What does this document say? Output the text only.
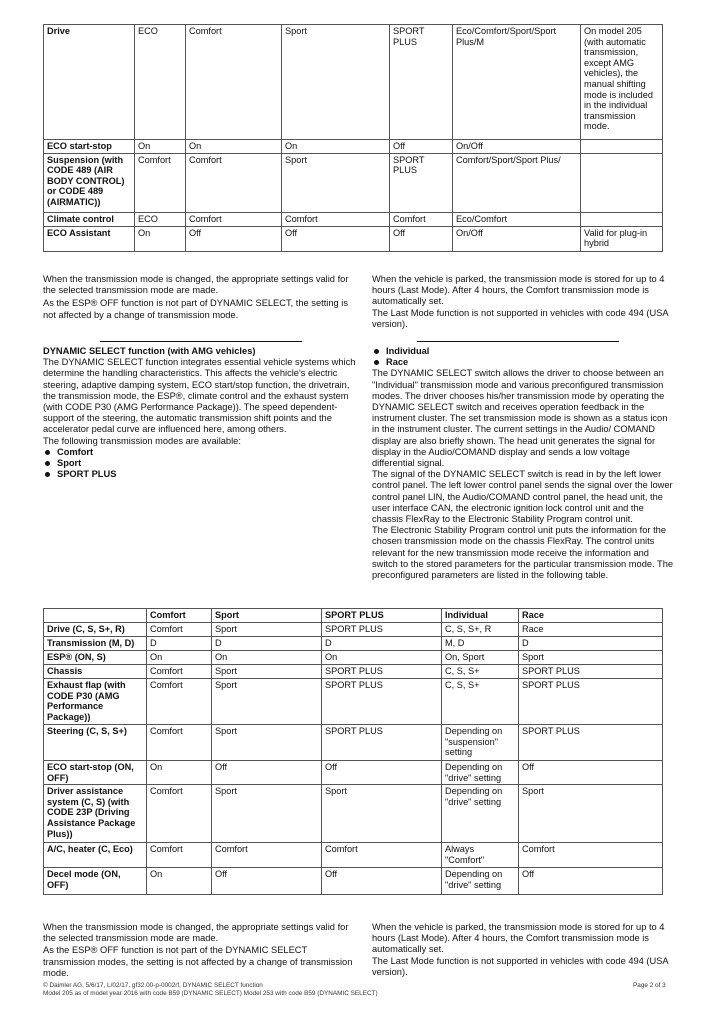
Drive	ECO	Comfort	Sport	SPORT PLUS	Eco/Comfort/Sport/Sport Plus/M	On model 205 (with automatic transmission, except AMG vehicles), the manual shifting mode is included in the individual transmission mode.
ECO start-stop	On	On	On	Off	On/Off	
Suspension (with CODE 489 (AIR BODY CONTROL) or CODE 489 (AIRMATIC))	Comfort	Comfort	Sport	SPORT PLUS	Comfort/Sport/Sport Plus/	
Climate control	ECO	Comfort	Comfort	Comfort	Eco/Comfort	
ECO Assistant	On	Off	Off	Off	On/Off	Valid for plug-in hybrid

When the transmission mode is changed, the appropriate settings valid for the selected transmission mode are made.

As the ESP® OFF function is not part of DYNAMIC SELECT, the setting is not affected by a change of transmission mode.

When the vehicle is parked, the transmission mode is stored for up to 4 hours (Last Mode). After 4 hours, the Comfort transmission mode is automatically set.

The Last Mode function is not supported in vehicles with code 494 (USA version).

DYNAMIC SELECT function (with AMG vehicles)

The DYNAMIC SELECT function integrates essential vehicle systems which determine the handling characteristics. This affects the vehicle's electric steering, adaptive damping system, ECO start/stop function, the drivetrain, the transmission mode, the ESP®, climate control and the exhaust system (with CODE P30 (AMG Performance Package)). The speed dependent-support of the steering, the automatic transmission shift points and the accelerator pedal curve are influenced here, among others.

The following transmission modes are available:

Comfort
Sport
SPORT PLUS
Individual
Race

The DYNAMIC SELECT switch allows the driver to choose between an "Individual" transmission mode and various preconfigured transmission modes. The driver chooses his/her transmission mode by operating the DYNAMIC SELECT switch and receives operation feedback in the instrument cluster. The set transmission mode is shown as a status icon in the instrument cluster. The current settings in the Audio/ COMAND display are also briefly shown. The head unit generates the signal for display in the Audio/COMAND display and sends a low voltage differential signal.

The signal of the DYNAMIC SELECT switch is read in by the left lower control panel. The left lower control panel sends the signal over the lower control panel LIN, the Audio/COMAND control panel, the head unit, the user interface CAN, the electronic ignition lock control unit and the chassis FlexRay to the Electronic Stability Program control unit.

The Electronic Stability Program control unit puts the information for the chosen transmission mode on the chassis FlexRay. The control units relevant for the new transmission mode receive the information and switch to the stored parameters for the particular transmission mode. The preconfigured parameters are listed in the following table.

	Comfort	Sport	SPORT PLUS	Individual	Race
Drive (C, S, S+, R)	Comfort	Sport	SPORT PLUS	C, S, S+, R	Race
Transmission (M, D)	D	D	D	M, D	D
ESP® (ON, S)	On	On	On	On, Sport	Sport
Chassis	Comfort	Sport	SPORT PLUS	C, S, S+	SPORT PLUS
Exhaust flap (with CODE P30 (AMG Performance Package))	Comfort	Sport	SPORT PLUS	C, S, S+	SPORT PLUS
Steering (C, S, S+)	Comfort	Sport	SPORT PLUS	Depending on "suspension" setting	SPORT PLUS
ECO start-stop (ON, OFF)	On	Off	Off	Depending on "drive" setting	Off
Driver assistance system (C, S) (with CODE 23P (Driving Assistance Package Plus))	Comfort	Sport	Sport	Depending on "drive" setting	Sport
A/C, heater (C, Eco)	Comfort	Comfort	Comfort	Always "Comfort"	Comfort
Decel mode (ON, OFF)	On	Off	Off	Depending on "drive" setting	Off

When the transmission mode is changed, the appropriate settings valid for the selected transmission mode are made.

As the ESP® OFF function is not part of the DYNAMIC SELECT transmission modes, the setting is not affected by a change of transmission mode.

When the vehicle is parked, the transmission mode is stored for up to 4 hours (Last Mode). After 4 hours, the Comfort transmission mode is automatically set.

The Last Mode function is not supported in vehicles with code 494 (USA version).

© Daimler AG, 5/6/17, L/02/17, gf32.00-p-0002rf, DYNAMIC SELECT function
Model 205 as of model year 2016 with code B59 (DYNAMIC SELECT) Model 253 with code B59 (DYNAMIC SELECT)
Page 2 of 3
